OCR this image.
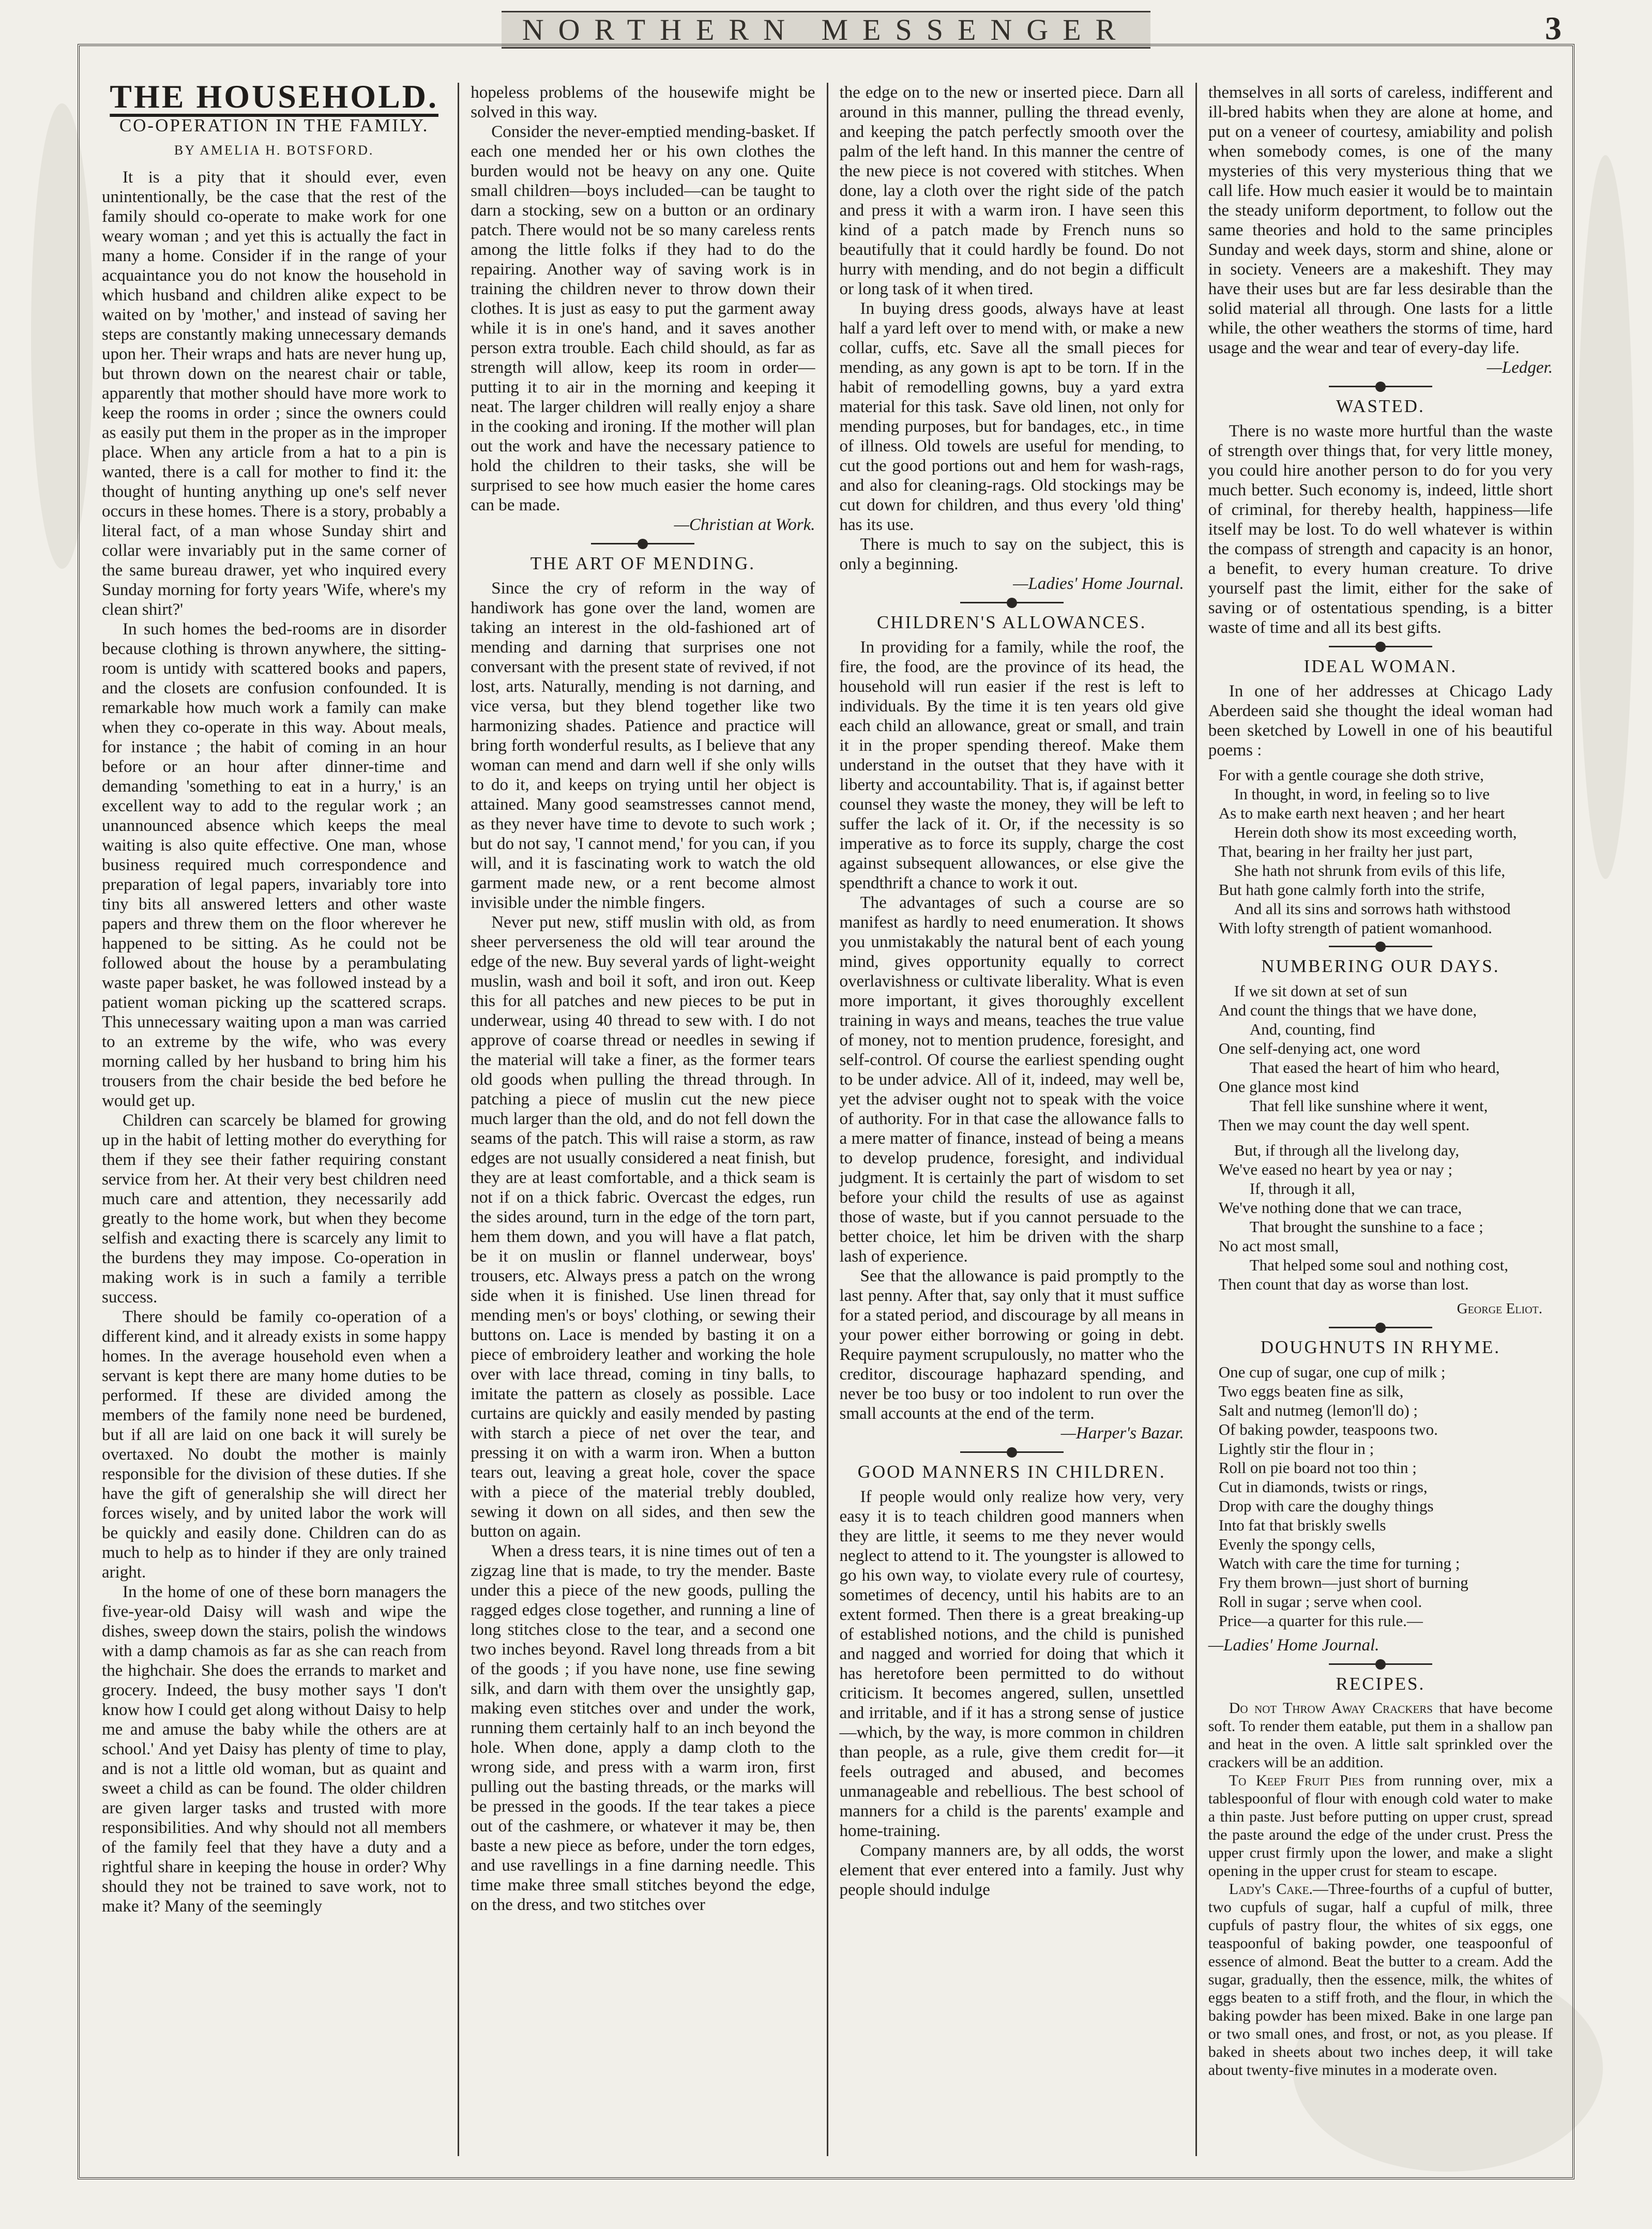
NORTHERN MESSENGER	3
THE HOUSEHOLD.
CO-OPERATION IN THE FAMILY.
BY AMELIA H. BOTSFORD.

It is a pity that it should ever, even unintentionally, be the case that the rest of the family should co-operate to make work for one weary woman ; and yet this is actually the fact in many a home. Consider if in the range of your acquaintance you do not know the household in which husband and children alike expect to be waited on by 'mother,' and instead of saving her steps are constantly making unnecessary demands upon her. Their wraps and hats are never hung up, but thrown down on the nearest chair or table, apparently that mother should have more work to keep the rooms in order ; since the owners could as easily put them in the proper as in the improper place. When any article from a hat to a pin is wanted, there is a call for mother to find it: the thought of hunting anything up one's self never occurs in these homes. There is a story, probably a literal fact, of a man whose Sunday shirt and collar were invariably put in the same corner of the same bureau drawer, yet who inquired every Sunday morning for forty years 'Wife, where's my clean shirt?'

In such homes the bed-rooms are in disorder because clothing is thrown anywhere, the sitting-room is untidy with scattered books and papers, and the closets are confusion confounded. It is remarkable how much work a family can make when they co-operate in this way. About meals, for instance ; the habit of coming in an hour before or an hour after dinner-time and demanding 'something to eat in a hurry,' is an excellent way to add to the regular work ; an unannounced absence which keeps the meal waiting is also quite effective. One man, whose business required much correspondence and preparation of legal papers, invariably tore into tiny bits all answered letters and other waste papers and threw them on the floor wherever he happened to be sitting. As he could not be followed about the house by a perambulating waste paper basket, he was followed instead by a patient woman picking up the scattered scraps. This unnecessary waiting upon a man was carried to an extreme by the wife, who was every morning called by her husband to bring him his trousers from the chair beside the bed before he would get up.

Children can scarcely be blamed for growing up in the habit of letting mother do everything for them if they see their father requiring constant service from her. At their very best children need much care and attention, they necessarily add greatly to the home work, but when they become selfish and exacting there is scarcely any limit to the burdens they may impose. Co-operation in making work is in such a family a terrible success.

There should be family co-operation of a different kind, and it already exists in some happy homes. In the average household even when a servant is kept there are many home duties to be performed. If these are divided among the members of the family none need be burdened, but if all are laid on one back it will surely be overtaxed. No doubt the mother is mainly responsible for the division of these duties. If she have the gift of generalship she will direct her forces wisely, and by united labor the work will be quickly and easily done. Children can do as much to help as to hinder if they are only trained aright.

In the home of one of these born managers the five-year-old Daisy will wash and wipe the dishes, sweep down the stairs, polish the windows with a damp chamois as far as she can reach from the highchair. She does the errands to market and grocery. Indeed, the busy mother says 'I don't know how I could get along without Daisy to help me and amuse the baby while the others are at school.' And yet Daisy has plenty of time to play, and is not a little old woman, but as quaint and sweet a child as can be found. The older children are given larger tasks and trusted with more responsibilities. And why should not all members of the family feel that they have a duty and a rightful share in keeping the house in order? Why should they not be trained to save work, not to make it? Many of the seemingly

hopeless problems of the housewife might be solved in this way.

Consider the never-emptied mending-basket. If each one mended her or his own clothes the burden would not be heavy on any one. Quite small children—boys included—can be taught to darn a stocking, sew on a button or an ordinary patch. There would not be so many careless rents among the little folks if they had to do the repairing. Another way of saving work is in training the children never to throw down their clothes. It is just as easy to put the garment away while it is in one's hand, and it saves another person extra trouble. Each child should, as far as strength will allow, keep its room in order—putting it to air in the morning and keeping it neat. The larger children will really enjoy a share in the cooking and ironing. If the mother will plan out the work and have the necessary patience to hold the children to their tasks, she will be surprised to see how much easier the home cares can be made.

—Christian at Work.
THE ART OF MENDING.

Since the cry of reform in the way of handiwork has gone over the land, women are taking an interest in the old-fashioned art of mending and darning that surprises one not conversant with the present state of revived, if not lost, arts. Naturally, mending is not darning, and vice versa, but they blend together like two harmonizing shades. Patience and practice will bring forth wonderful results, as I believe that any woman can mend and darn well if she only wills to do it, and keeps on trying until her object is attained. Many good seamstresses cannot mend, as they never have time to devote to such work ; but do not say, 'I cannot mend,' for you can, if you will, and it is fascinating work to watch the old garment made new, or a rent become almost invisible under the nimble fingers.

Never put new, stiff muslin with old, as from sheer perverseness the old will tear around the edge of the new. Buy several yards of light-weight muslin, wash and boil it soft, and iron out. Keep this for all patches and new pieces to be put in underwear, using 40 thread to sew with. I do not approve of coarse thread or needles in sewing if the material will take a finer, as the former tears old goods when pulling the thread through. In patching a piece of muslin cut the new piece much larger than the old, and do not fell down the seams of the patch. This will raise a storm, as raw edges are not usually considered a neat finish, but they are at least comfortable, and a thick seam is not if on a thick fabric. Overcast the edges, run the sides around, turn in the edge of the torn part, hem them down, and you will have a flat patch, be it on muslin or flannel underwear, boys' trousers, etc. Always press a patch on the wrong side when it is finished. Use linen thread for mending men's or boys' clothing, or sewing their buttons on. Lace is mended by basting it on a piece of embroidery leather and working the hole over with lace thread, coming in tiny balls, to imitate the pattern as closely as possible. Lace curtains are quickly and easily mended by pasting with starch a piece of net over the tear, and pressing it on with a warm iron. When a button tears out, leaving a great hole, cover the space with a piece of the material trebly doubled, sewing it down on all sides, and then sew the button on again.

When a dress tears, it is nine times out of ten a zigzag line that is made, to try the mender. Baste under this a piece of the new goods, pulling the ragged edges close together, and running a line of long stitches close to the tear, and a second one two inches beyond. Ravel long threads from a bit of the goods ; if you have none, use fine sewing silk, and darn with them over the unsightly gap, making even stitches over and under the work, running them certainly half to an inch beyond the hole. When done, apply a damp cloth to the wrong side, and press with a warm iron, first pulling out the basting threads, or the marks will be pressed in the goods. If the tear takes a piece out of the cashmere, or whatever it may be, then baste a new piece as before, under the torn edges, and use ravellings in a fine darning needle. This time make three small stitches beyond the edge, on the dress, and two stitches over

the edge on to the new or inserted piece. Darn all around in this manner, pulling the thread evenly, and keeping the patch perfectly smooth over the palm of the left hand. In this manner the centre of the new piece is not covered with stitches. When done, lay a cloth over the right side of the patch and press it with a warm iron. I have seen this kind of a patch made by French nuns so beautifully that it could hardly be found. Do not hurry with mending, and do not begin a difficult or long task of it when tired.

In buying dress goods, always have at least half a yard left over to mend with, or make a new collar, cuffs, etc. Save all the small pieces for mending, as any gown is apt to be torn. If in the habit of remodelling gowns, buy a yard extra material for this task. Save old linen, not only for mending purposes, but for bandages, etc., in time of illness. Old towels are useful for mending, to cut the good portions out and hem for wash-rags, and also for cleaning-rags. Old stockings may be cut down for children, and thus every 'old thing' has its use.

There is much to say on the subject, this is only a beginning.

—Ladies' Home Journal.
CHILDREN'S ALLOWANCES.

In providing for a family, while the roof, the fire, the food, are the province of its head, the household will run easier if the rest is left to individuals. By the time it is ten years old give each child an allowance, great or small, and train it in the proper spending thereof. Make them understand in the outset that they have with it liberty and accountability. That is, if against better counsel they waste the money, they will be left to suffer the lack of it. Or, if the necessity is so imperative as to force its supply, charge the cost against subsequent allowances, or else give the spendthrift a chance to work it out.

The advantages of such a course are so manifest as hardly to need enumeration. It shows you unmistakably the natural bent of each young mind, gives opportunity equally to correct overlavishness or cultivate liberality. What is even more important, it gives thoroughly excellent training in ways and means, teaches the true value of money, not to mention prudence, foresight, and self-control. Of course the earliest spending ought to be under advice. All of it, indeed, may well be, yet the adviser ought not to speak with the voice of authority. For in that case the allowance falls to a mere matter of finance, instead of being a means to develop prudence, foresight, and individual judgment. It is certainly the part of wisdom to set before your child the results of use as against those of waste, but if you cannot persuade to the better choice, let him be driven with the sharp lash of experience.

See that the allowance is paid promptly to the last penny. After that, say only that it must suffice for a stated period, and discourage by all means in your power either borrowing or going in debt. Require payment scrupulously, no matter who the creditor, discourage haphazard spending, and never be too busy or too indolent to run over the small accounts at the end of the term.

—Harper's Bazar.
GOOD MANNERS IN CHILDREN.

If people would only realize how very, very easy it is to teach children good manners when they are little, it seems to me they never would neglect to attend to it. The youngster is allowed to go his own way, to violate every rule of courtesy, sometimes of decency, until his habits are to an extent formed. Then there is a great breaking-up of established notions, and the child is punished and nagged and worried for doing that which it has heretofore been permitted to do without criticism. It becomes angered, sullen, unsettled and irritable, and if it has a strong sense of justice—which, by the way, is more common in children than people, as a rule, give them credit for—it feels outraged and abused, and becomes unmanageable and rebellious. The best school of manners for a child is the parents' example and home-training.

Company manners are, by all odds, the worst element that ever entered into a family. Just why people should indulge

themselves in all sorts of careless, indifferent and ill-bred habits when they are alone at home, and put on a veneer of courtesy, amiability and polish when somebody comes, is one of the many mysteries of this very mysterious thing that we call life. How much easier it would be to maintain the steady uniform deportment, to follow out the same theories and hold to the same principles Sunday and week days, storm and shine, alone or in society. Veneers are a makeshift. They may have their uses but are far less desirable than the solid material all through. One lasts for a little while, the other weathers the storms of time, hard usage and the wear and tear of every-day life.

—Ledger.
WASTED.

There is no waste more hurtful than the waste of strength over things that, for very little money, you could hire another person to do for you very much better. Such economy is, indeed, little short of criminal, for thereby health, happiness—life itself may be lost. To do well whatever is within the compass of strength and capacity is an honor, a benefit, to every human creature. To drive yourself past the limit, either for the sake of saving or of ostentatious spending, is a bitter waste of time and all its best gifts.

IDEAL WOMAN.

In one of her addresses at Chicago Lady Aberdeen said she thought the ideal woman had been sketched by Lowell in one of his beautiful poems :

For with a gentle courage she doth strive,
In thought, in word, in feeling so to live
As to make earth next heaven ; and her heart
Herein doth show its most exceeding worth,
That, bearing in her frailty her just part,
She hath not shrunk from evils of this life,
But hath gone calmly forth into the strife,
And all its sins and sorrows hath withstood
With lofty strength of patient womanhood.
NUMBERING OUR DAYS.
If we sit down at set of sun
And count the things that we have done,
And, counting, find
One self-denying act, one word
That eased the heart of him who heard,
One glance most kind
That fell like sunshine where it went,
Then we may count the day well spent.
But, if through all the livelong day,
We've eased no heart by yea or nay ;
If, through it all,
We've nothing done that we can trace,
That brought the sunshine to a face ;
No act most small,
That helped some soul and nothing cost,
Then count that day as worse than lost.
George Eliot.
DOUGHNUTS IN RHYME.
One cup of sugar, one cup of milk ;
Two eggs beaten fine as silk,
Salt and nutmeg (lemon'll do) ;
Of baking powder, teaspoons two.
Lightly stir the flour in ;
Roll on pie board not too thin ;
Cut in diamonds, twists or rings,
Drop with care the doughy things
Into fat that briskly swells
Evenly the spongy cells,
Watch with care the time for turning ;
Fry them brown—just short of burning
Roll in sugar ; serve when cool.
Price—a quarter for this rule.—
—Ladies' Home Journal.
RECIPES.

Do not Throw Away Crackers that have become soft. To render them eatable, put them in a shallow pan and heat in the oven. A little salt sprinkled over the crackers will be an addition.

To Keep Fruit Pies from running over, mix a tablespoonful of flour with enough cold water to make a thin paste. Just before putting on upper crust, spread the paste around the edge of the under crust. Press the upper crust firmly upon the lower, and make a slight opening in the upper crust for steam to escape.

Lady's Cake.—Three-fourths of a cupful of butter, two cupfuls of sugar, half a cupful of milk, three cupfuls of pastry flour, the whites of six eggs, one teaspoonful of baking powder, one teaspoonful of essence of almond. Beat the butter to a cream. Add the sugar, gradually, then the essence, milk, the whites of eggs beaten to a stiff froth, and the flour, in which the baking powder has been mixed. Bake in one large pan or two small ones, and frost, or not, as you please. If baked in sheets about two inches deep, it will take about twenty-five minutes in a moderate oven.
